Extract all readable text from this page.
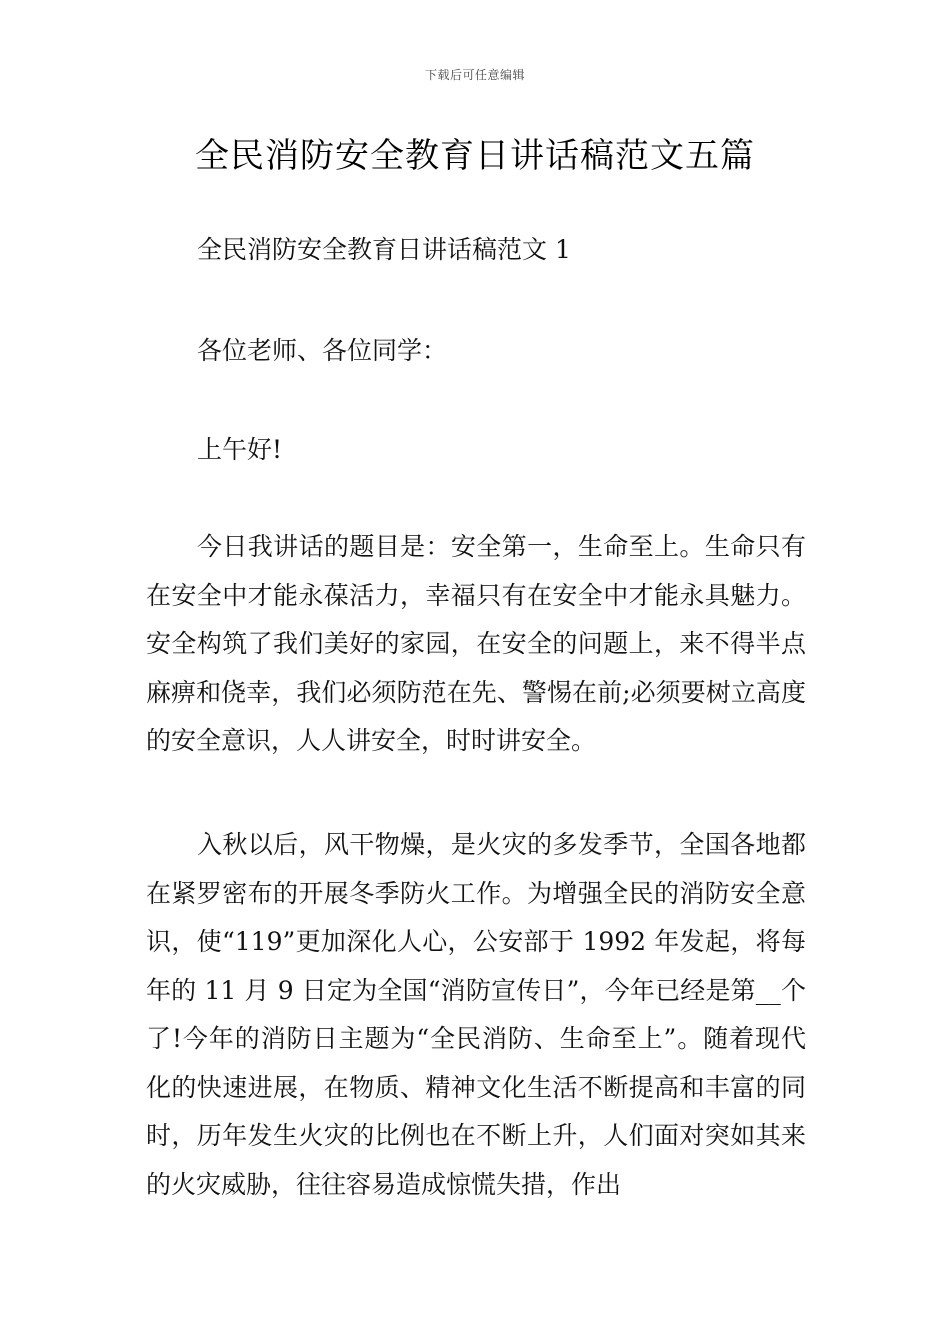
下载后可任意编辑
全民消防安全教育日讲话稿范文五篇
全民消防安全教育日讲话稿范文 1
各位老师、各位同学：
上午好!

今日我讲话的题目是：安全第一，生命至上。生命只有在安全中才能永葆活力，幸福只有在安全中才能永具魅力。安全构筑了我们美好的家园，在安全的问题上，来不得半点麻痹和侥幸，我们必须防范在先、警惕在前;必须要树立高度的安全意识，人人讲安全，时时讲安全。

入秋以后，风干物燥，是火灾的多发季节，全国各地都在紧罗密布的开展冬季防火工作。为增强全民的消防安全意识，使“119”更加深化人心，公安部于 1992 年发起，将每年的 11 月 9 日定为全国“消防宣传日”，今年已经是第__个了!今年的消防日主题为“全民消防、生命至上”。随着现代化的快速进展，在物质、精神文化生活不断提高和丰富的同时，历年发生火灾的比例也在不断上升，人们面对突如其来的火灾威胁，往往容易造成惊慌失措，作出
